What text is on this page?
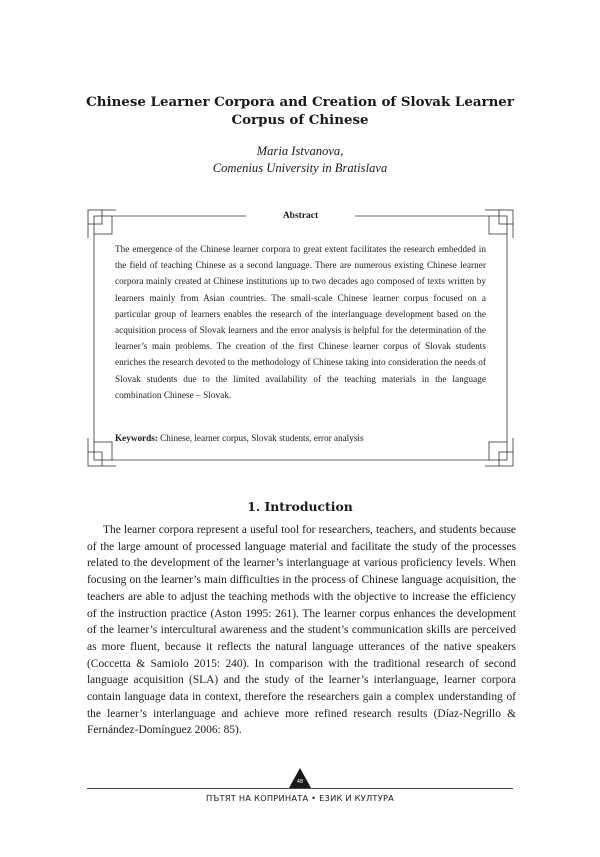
Chinese Learner Corpora and Creation of Slovak Learner
Corpus of Chinese
Maria Istvanova,
Comenius University in Bratislava
Abstract
The emergence of the Chinese learner corpora to great extent facilitates the research embedded in the field of teaching Chinese as a second language. There are numerous existing Chinese learner corpora mainly created at Chinese institutions up to two decades ago composed of texts written by learners mainly from Asian countries. The small-scale Chinese learner corpus focused on a particular group of learners enables the research of the interlanguage development based on the acquisition process of Slovak learners and the error analysis is helpful for the determination of the learner’s main problems. The creation of the first Chinese learner corpus of Slovak students enriches the research devoted to the methodology of Chinese taking into consideration the needs of Slovak students due to the limited availability of the teaching materials in the language combination Chinese – Slovak.
Keywords: Chinese, learner corpus, Slovak students, error analysis
1. Introduction
The learner corpora represent a useful tool for researchers, teachers, and students because of the large amount of processed language material and facilitate the study of the processes related to the development of the learner’s interlanguage at various proficiency levels. When focusing on the learner’s main difficulties in the process of Chinese language acquisition, the teachers are able to adjust the teaching methods with the objective to increase the efficiency of the instruction practice (Aston 1995: 261). The learner corpus enhances the development of the learner’s intercultural awareness and the student’s communication skills are perceived as more fluent, because it reflects the natural language utterances of the native speakers (Coccetta & Samiolo 2015: 240). In comparison with the traditional research of second language acquisition (SLA) and the study of the learner’s interlanguage, learner corpora contain language data in context, therefore the researchers gain a complex understanding of the learner’s interlanguage and achieve more refined research results (Díaz-Negrillo & Fernández-Domínguez 2006: 85).
48
ПЪТЯТ НА КОПРИНАТА • ЕЗИК И КУЛТУРА
